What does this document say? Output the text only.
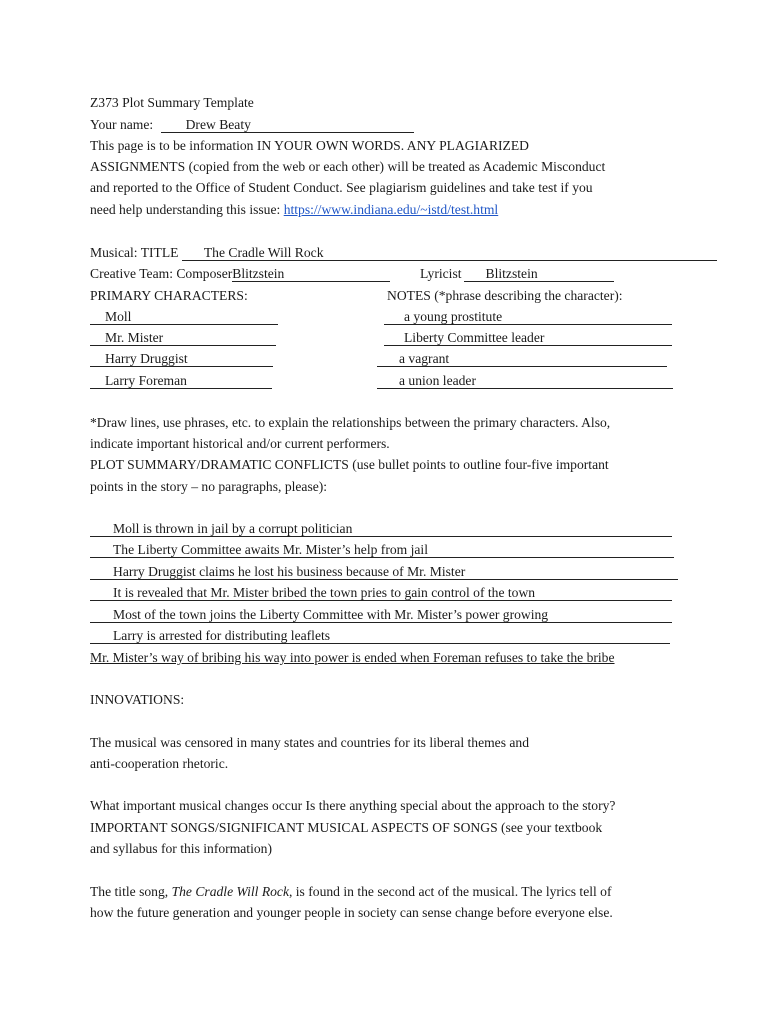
Z373 Plot Summary Template
Your name: Drew Beaty
This page is to be information IN YOUR OWN WORDS. ANY PLAGIARIZED
ASSIGNMENTS (copied from the web or each other) will be treated as Academic Misconduct
and reported to the Office of Student Conduct. See plagiarism guidelines and take test if you
need help understanding this issue: https://www.indiana.edu/~istd/test.html
Musical: TITLE The Cradle Will Rock
Creative Team: ComposerBlitzstein	Lyricist Blitzstein
PRIMARY CHARACTERS:	NOTES (*phrase describing the character):
Moll	a young prostitute
Mr. Mister	Liberty Committee leader
Harry Druggist	a vagrant
Larry Foreman	a union leader
*Draw lines, use phrases, etc. to explain the relationships between the primary characters. Also,
indicate important historical and/or current performers.
PLOT SUMMARY/DRAMATIC CONFLICTS (use bullet points to outline four-five important
points in the story – no paragraphs, please):
Moll is thrown in jail by a corrupt politician
The Liberty Committee awaits Mr. Mister’s help from jail
Harry Druggist claims he lost his business because of Mr. Mister
It is revealed that Mr. Mister bribed the town pries to gain control of the town
Most of the town joins the Liberty Committee with Mr. Mister’s power growing
Larry is arrested for distributing leaflets
Mr. Mister’s way of bribing his way into power is ended when Foreman refuses to take the bribe
INNOVATIONS:
The musical was censored in many states and countries for its liberal themes and
anti-cooperation rhetoric.
What important musical changes occur Is there anything special about the approach to the story?
IMPORTANT SONGS/SIGNIFICANT MUSICAL ASPECTS OF SONGS (see your textbook
and syllabus for this information)
The title song, The Cradle Will Rock, is found in the second act of the musical. The lyrics tell of
how the future generation and younger people in society can sense change before everyone else.
